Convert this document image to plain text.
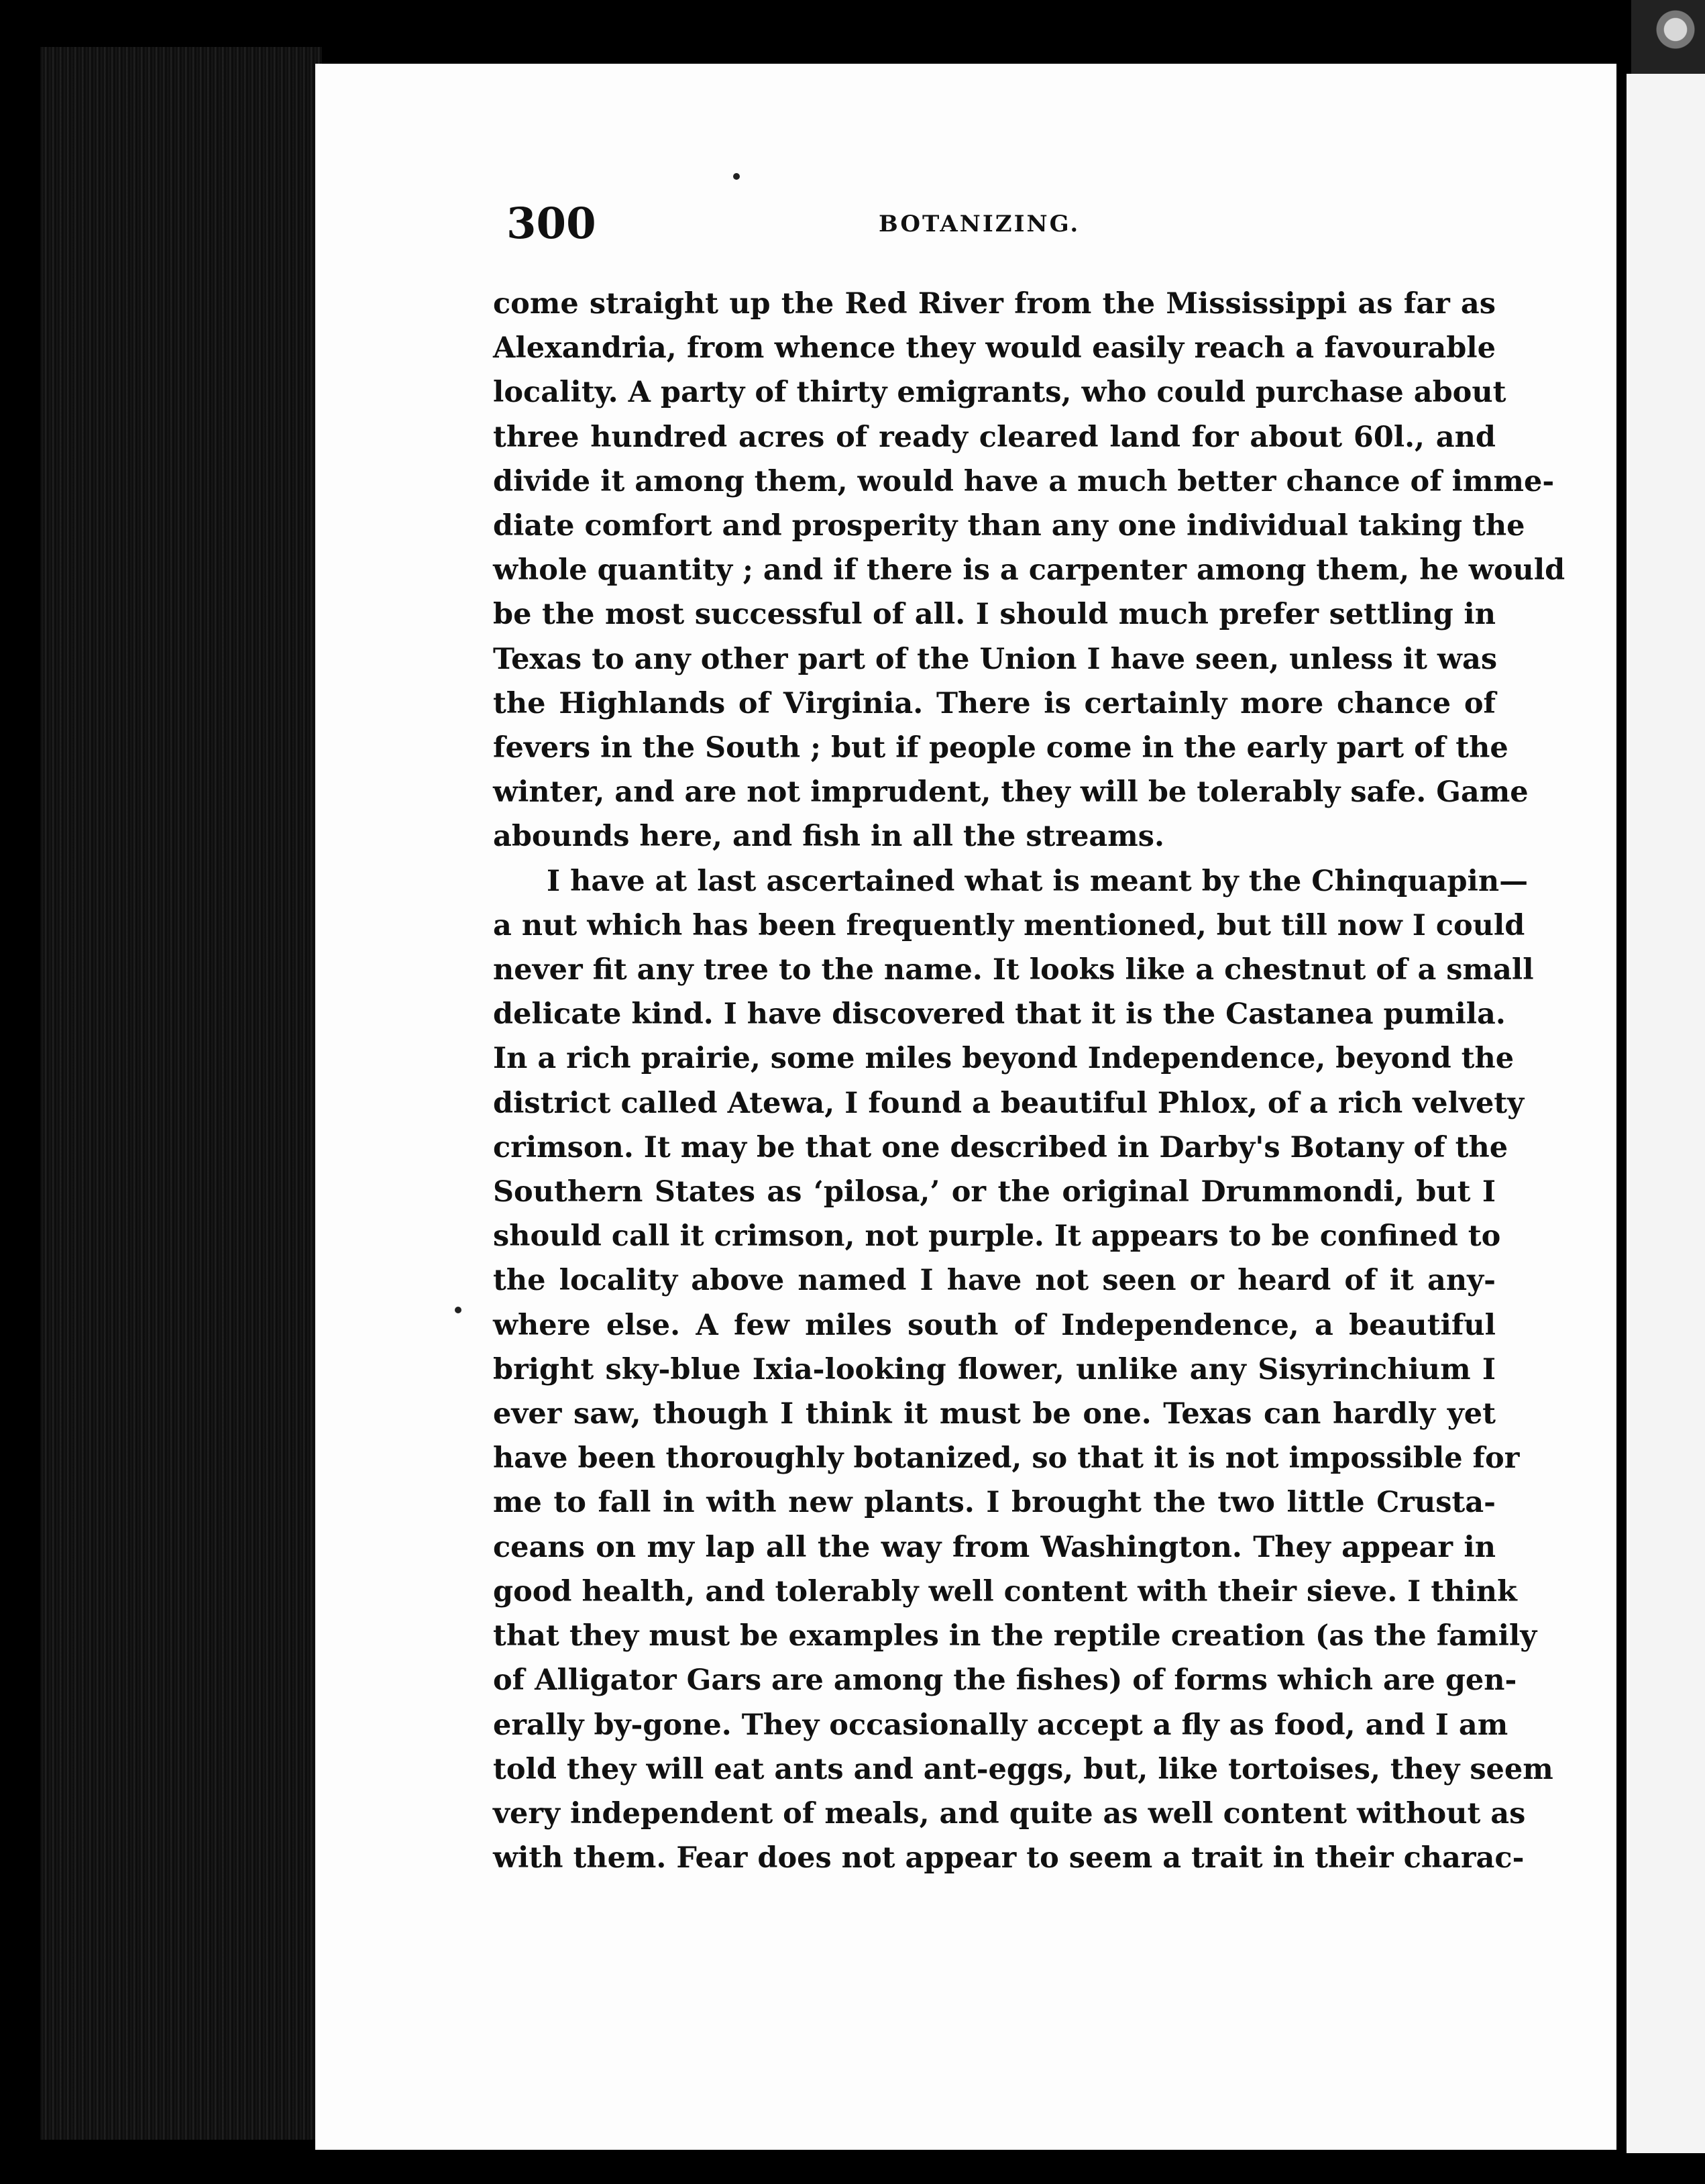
300	BOTANIZING.
come straight up the Red River from the Mississippi as far as
Alexandria, from whence they would easily reach a favourable
locality. A party of thirty emigrants, who could purchase about
three hundred acres of ready cleared land for about 60l., and
divide it among them, would have a much better chance of imme-
diate comfort and prosperity than any one individual taking the
whole quantity ; and if there is a carpenter among them, he would
be the most successful of all. I should much prefer settling in
Texas to any other part of the Union I have seen, unless it was
the Highlands of Virginia. There is certainly more chance of
fevers in the South ; but if people come in the early part of the
winter, and are not imprudent, they will be tolerably safe. Game
abounds here, and fish in all the streams.
I have at last ascertained what is meant by the Chinquapin—
a nut which has been frequently mentioned, but till now I could
never fit any tree to the name. It looks like a chestnut of a small
delicate kind. I have discovered that it is the Castanea pumila.
In a rich prairie, some miles beyond Independence, beyond the
district called Atewa, I found a beautiful Phlox, of a rich velvety
crimson. It may be that one described in Darby's Botany of the
Southern States as ‘pilosa,’ or the original Drummondi, but I
should call it crimson, not purple. It appears to be confined to
the locality above named I have not seen or heard of it any-
where else. A few miles south of Independence, a beautiful
bright sky-blue Ixia-looking flower, unlike any Sisyrinchium I
ever saw, though I think it must be one. Texas can hardly yet
have been thoroughly botanized, so that it is not impossible for
me to fall in with new plants. I brought the two little Crusta-
ceans on my lap all the way from Washington. They appear in
good health, and tolerably well content with their sieve. I think
that they must be examples in the reptile creation (as the family
of Alligator Gars are among the fishes) of forms which are gen-
erally by-gone. They occasionally accept a fly as food, and I am
told they will eat ants and ant-eggs, but, like tortoises, they seem
very independent of meals, and quite as well content without as
with them. Fear does not appear to seem a trait in their charac-
